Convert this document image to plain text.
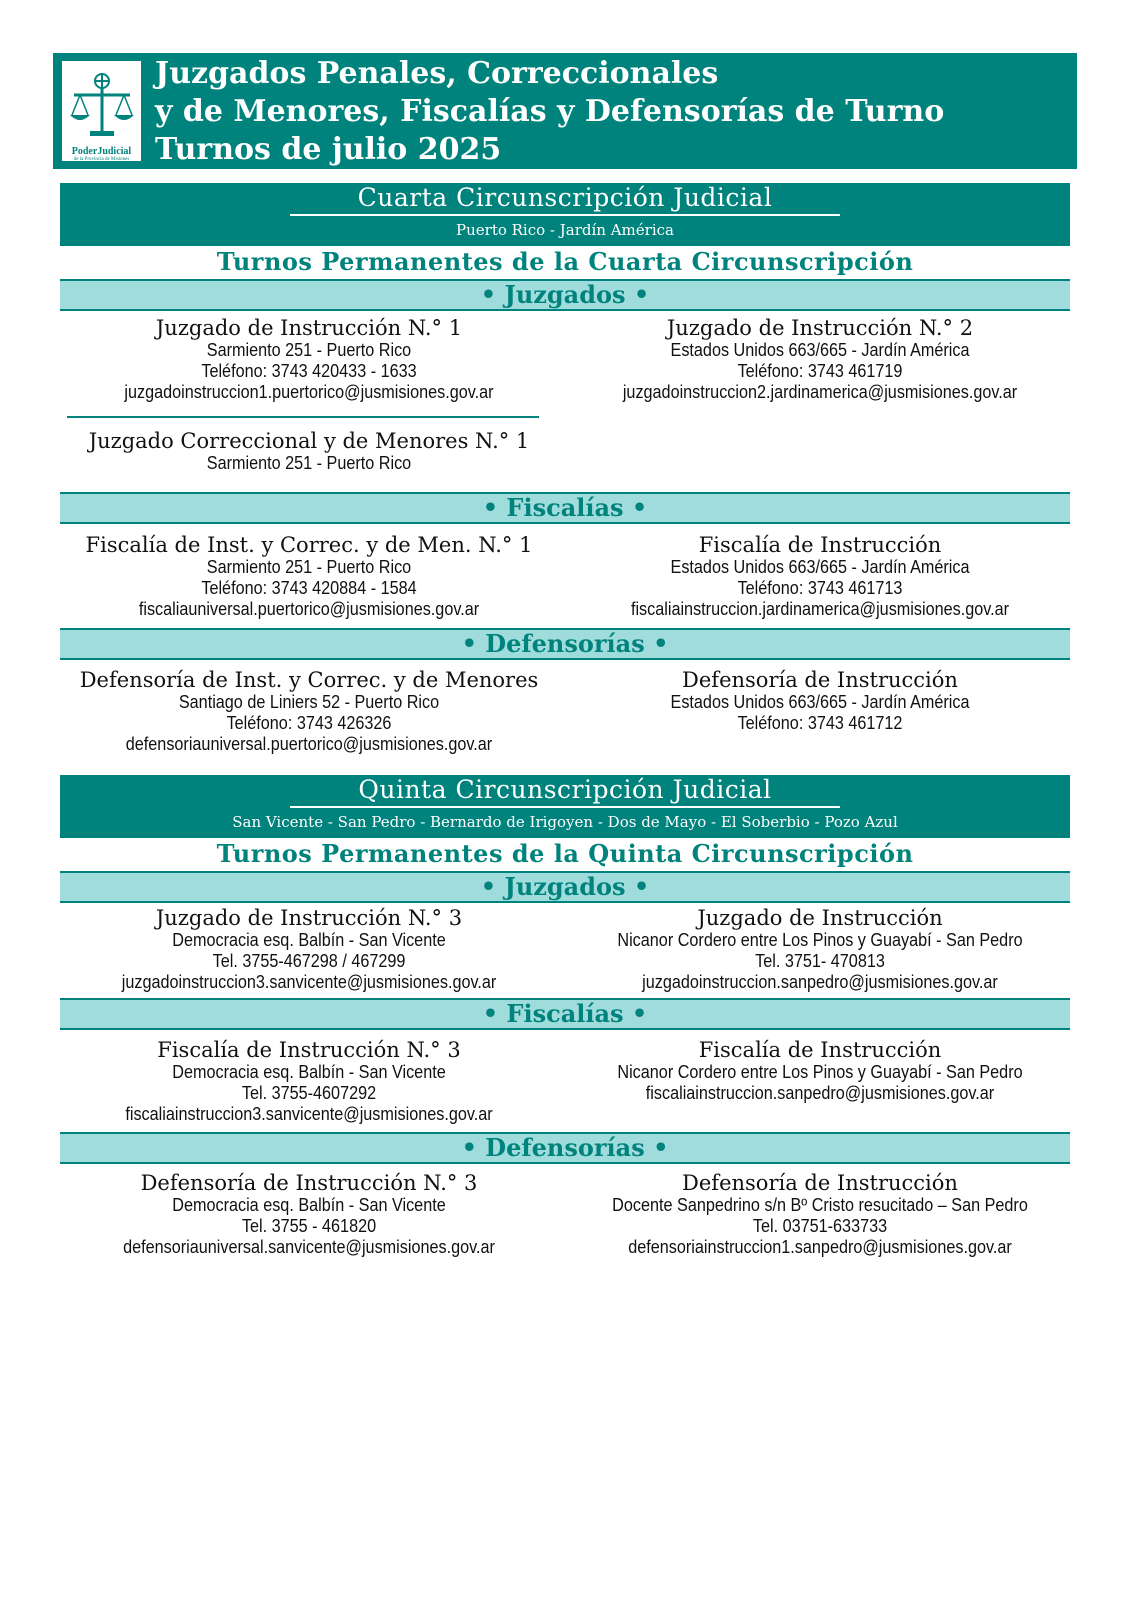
PoderJudicial
de la Provincia de Misiones
Juzgados Penales, Correccionales
y de Menores, Fiscalías y Defensorías de Turno
Turnos de julio 2025
Cuarta Circunscripción Judicial
Puerto Rico - Jardín América
Turnos Permanentes de la Cuarta Circunscripción
• Juzgados •
Juzgado de Instrucción N.° 1
Sarmiento 251 - Puerto Rico
Teléfono: 3743 420433 - 1633
juzgadoinstruccion1.puertorico@jusmisiones.gov.ar
Juzgado de Instrucción N.° 2
Estados Unidos 663/665 - Jardín América
Teléfono: 3743 461719
juzgadoinstruccion2.jardinamerica@jusmisiones.gov.ar
Juzgado Correccional y de Menores N.° 1
Sarmiento 251 - Puerto Rico
• Fiscalías •
Fiscalía de Inst. y Correc. y de Men. N.° 1
Sarmiento 251 - Puerto Rico
Teléfono: 3743 420884 - 1584
fiscaliauniversal.puertorico@jusmisiones.gov.ar
Fiscalía de Instrucción
Estados Unidos 663/665 - Jardín América
Teléfono: 3743 461713
fiscaliainstruccion.jardinamerica@jusmisiones.gov.ar
• Defensorías •
Defensoría de Inst. y Correc. y de Menores
Santiago de Liniers 52 - Puerto Rico
Teléfono: 3743 426326
defensoriauniversal.puertorico@jusmisiones.gov.ar
Defensoría de Instrucción
Estados Unidos 663/665 - Jardín América
Teléfono: 3743 461712
Quinta Circunscripción Judicial
San Vicente - San Pedro - Bernardo de Irigoyen - Dos de Mayo - El Soberbio - Pozo Azul
Turnos Permanentes de la Quinta Circunscripción
• Juzgados •
Juzgado de Instrucción N.° 3
Democracia esq. Balbín - San Vicente
Tel. 3755-467298 / 467299
juzgadoinstruccion3.sanvicente@jusmisiones.gov.ar
Juzgado de Instrucción
Nicanor Cordero entre Los Pinos y Guayabí - San Pedro
Tel. 3751- 470813
juzgadoinstruccion.sanpedro@jusmisiones.gov.ar
• Fiscalías •
Fiscalía de Instrucción N.° 3
Democracia esq. Balbín - San Vicente
Tel. 3755-4607292
fiscaliainstruccion3.sanvicente@jusmisiones.gov.ar
Fiscalía de Instrucción
Nicanor Cordero entre Los Pinos y Guayabí - San Pedro
fiscaliainstruccion.sanpedro@jusmisiones.gov.ar
• Defensorías •
Defensoría de Instrucción N.° 3
Democracia esq. Balbín - San Vicente
Tel. 3755 - 461820
defensoriauniversal.sanvicente@jusmisiones.gov.ar
Defensoría de Instrucción
Docente Sanpedrino s/n Bº Cristo resucitado – San Pedro
Tel. 03751-633733
defensoriainstruccion1.sanpedro@jusmisiones.gov.ar
